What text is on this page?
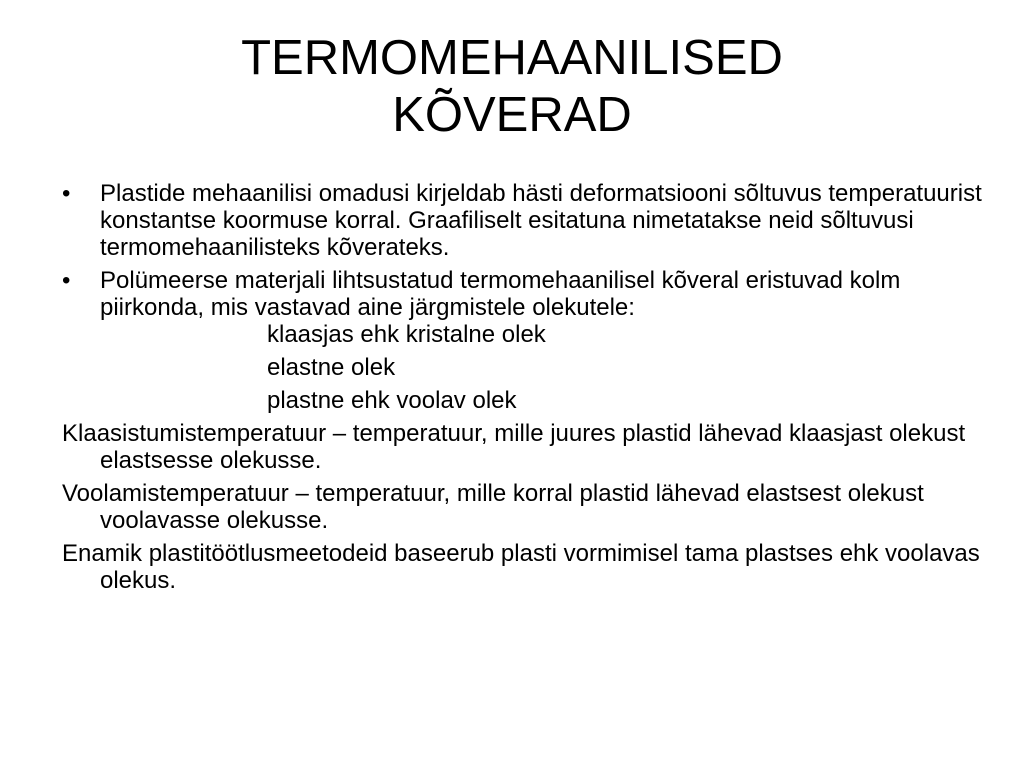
TERMOMEHAANILISED
KÕVERAD
•	Plastide mehaanilisi omadusi kirjeldab hästi deformatsiooni sõltuvus temperatuurist konstantse koormuse korral. Graafiliselt esitatuna nimetatakse neid sõltuvusi termomehaanilisteks kõverateks.
•	Polümeerse materjali lihtsustatud termomehaanilisel kõveral eristuvad kolm piirkonda, mis vastavad aine järgmistele olekutele:
klaasjas ehk kristalne olek
elastne olek
plastne ehk voolav olek
Klaasistumistemperatuur – temperatuur, mille juures plastid lähevad klaasjast olekust elastsesse olekusse.
Voolamistemperatuur – temperatuur, mille korral plastid lähevad elastsest olekust voolavasse olekusse.
Enamik plastitöötlusmeetodeid baseerub plasti vormimisel tama plastses ehk voolavas olekus.
